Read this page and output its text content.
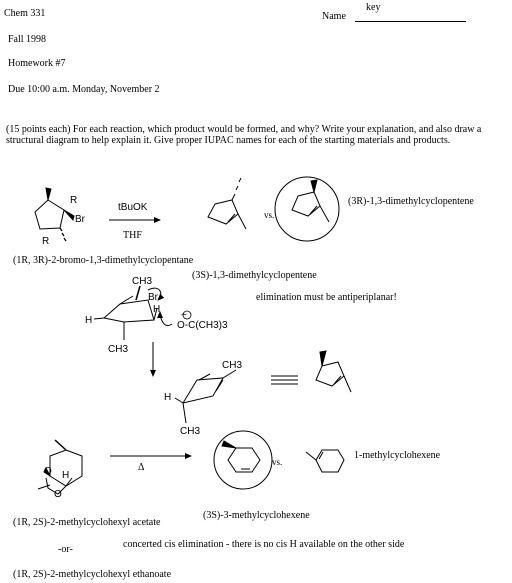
Chem 331
key
Name
Fall 1998
Homework #7
Due 10:00 a.m. Monday, November 2
(15 points each) For each reaction, which product would be formed, and why? Write your explanation, and also draw a structural diagram to help explain it. Give proper IUPAC names for each of the starting materials and products.
tBuOK
THF
vs.
(3R)-1,3-dimethylcyclopentene
(1R, 3R)-2-bromo-1,3-dimethylcyclopentane
(3S)-1,3-dimethylcyclopentene
elimination must be antiperiplanar!
Δ	vs.
1-methylcyclohexene
(3S)-3-methylcyclohexene
(1R, 2S)-2-methylcyclohexyl acetate
-or-	concerted cis elimination - there is no cis H available on the other side
(1R, 2S)-2-methylcyclohexyl ethanoate
R
Br
R
CH3
Br
H
H
CH3
−
O-C(CH3)3
CH3
H
CH3
O H
O
